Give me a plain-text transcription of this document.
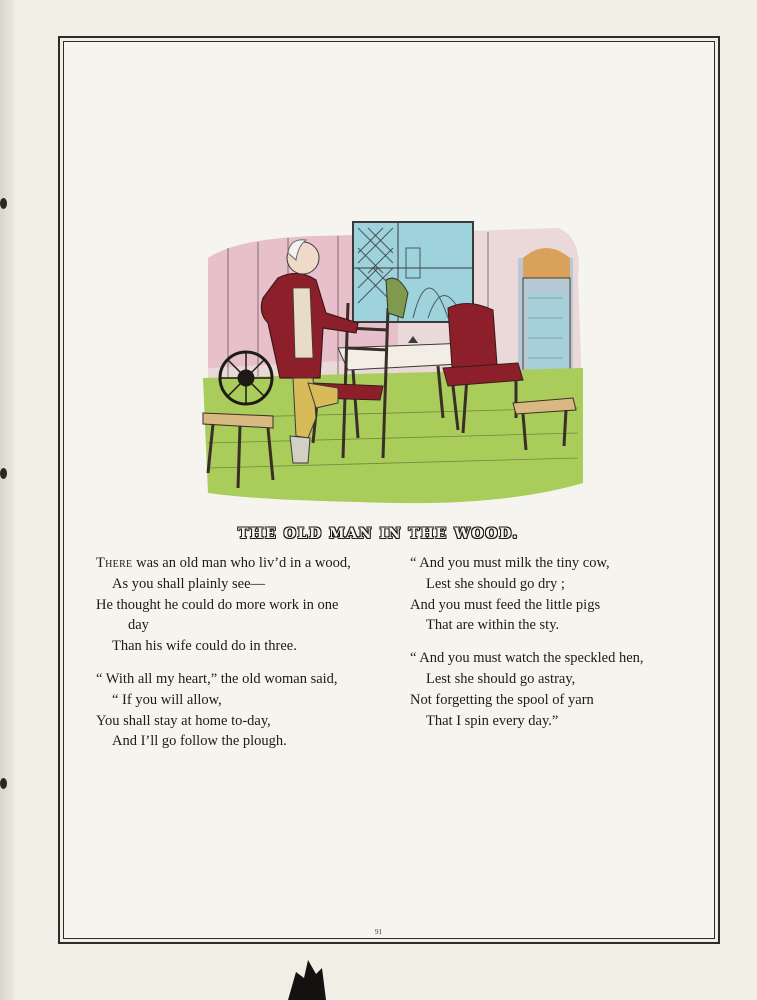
THE OLD MAN IN THE WOOD.
There was an old man who liv’d in a wood,
As you shall plainly see—
He thought he could do more work in one
day
Than his wife could do in three.
“ With all my heart,” the old woman said,
“ If you will allow,
You shall stay at home to-day,
And I’ll go follow the plough.
“ And you must milk the tiny cow,
Lest she should go dry ;
And you must feed the little pigs
That are within the sty.
“ And you must watch the speckled hen,
Lest she should go astray,
Not forgetting the spool of yarn
That I spin every day.”
91
